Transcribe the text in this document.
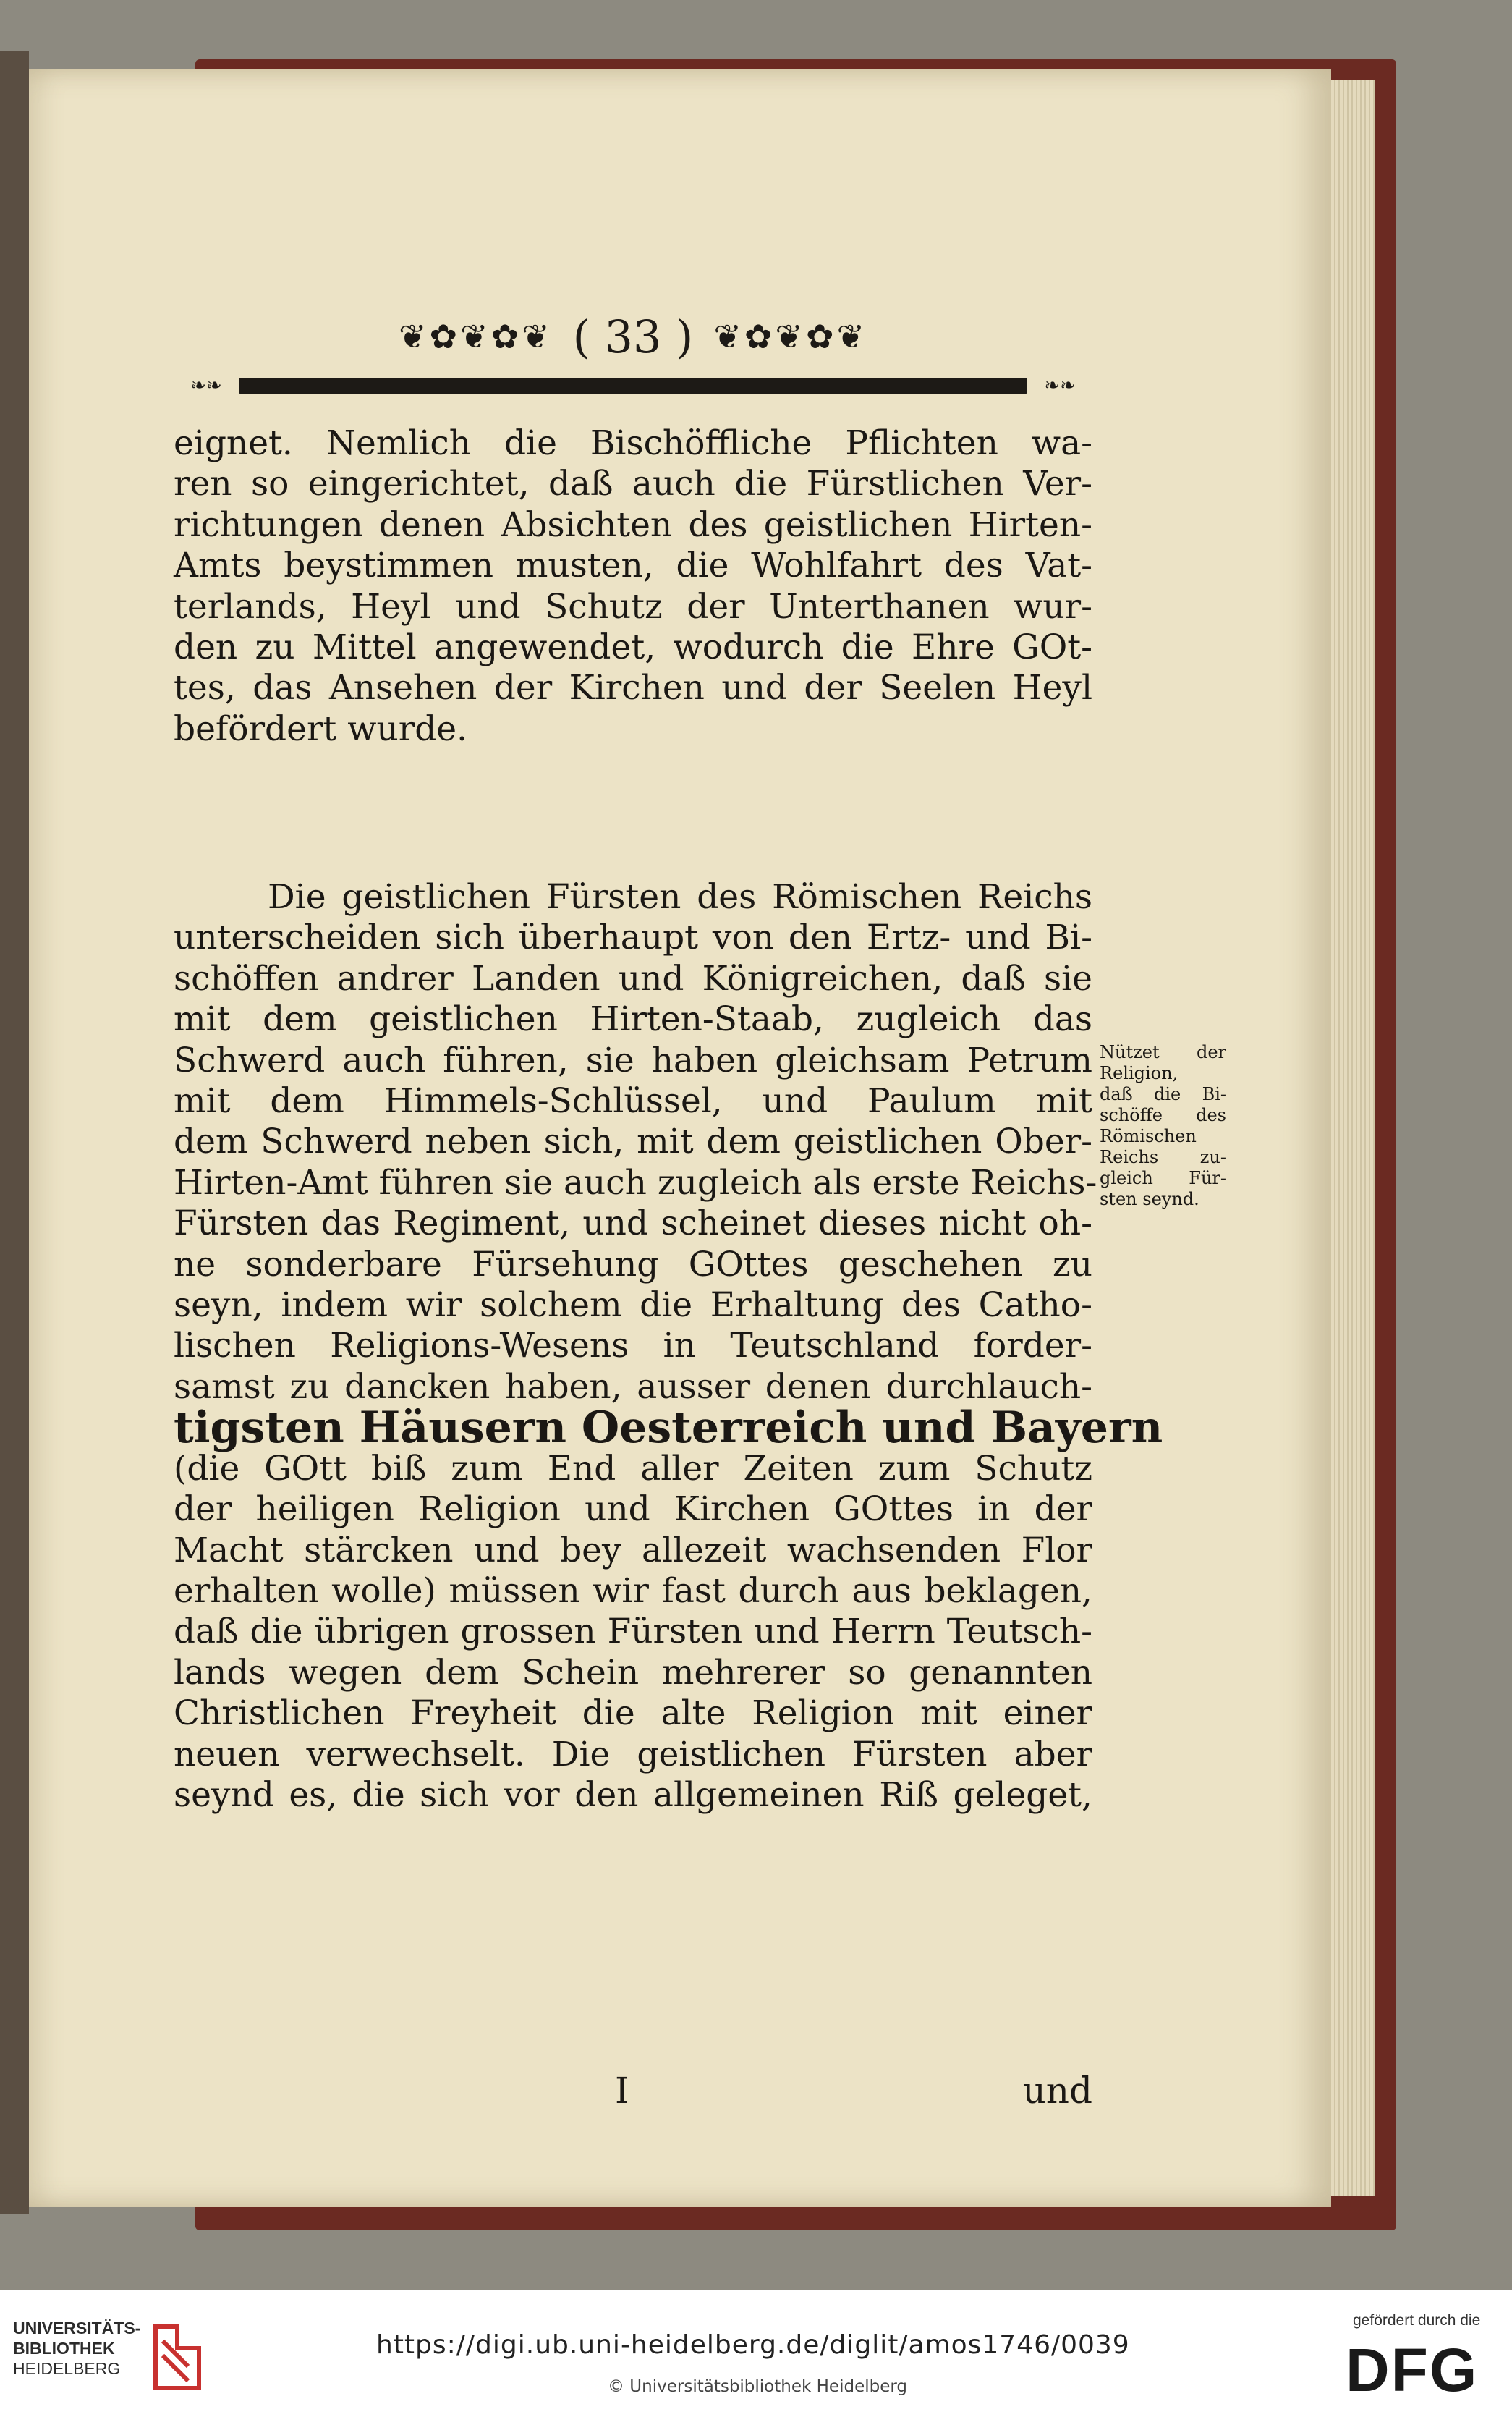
❦✿❦✿❦ ( 33 ) ❦✿❦✿❦
❧❧	❧❧
eignet. Nemlich die Bischöffliche Pflichten wa-
ren so eingerichtet, daß auch die Fürstlichen Ver-
richtungen denen Absichten des geistlichen Hirten-
Amts beystimmen musten, die Wohlfahrt des Vat-
terlands, Heyl und Schutz der Unterthanen wur-
den zu Mittel angewendet, wodurch die Ehre GOt-
tes, das Ansehen der Kirchen und der Seelen Heyl
befördert wurde.
Die geistlichen Fürsten des Römischen Reichs
unterscheiden sich überhaupt von den Ertz- und Bi-
schöffen andrer Landen und Königreichen, daß sie
mit dem geistlichen Hirten-Staab, zugleich das
Schwerd auch führen, sie haben gleichsam Petrum
mit dem Himmels-Schlüssel, und Paulum mit
dem Schwerd neben sich, mit dem geistlichen Ober-
Hirten-Amt führen sie auch zugleich als erste Reichs-
Fürsten das Regiment, und scheinet dieses nicht oh-
ne sonderbare Fürsehung GOttes geschehen zu
seyn, indem wir solchem die Erhaltung des Catho-
lischen Religions-Wesens in Teutschland forder-
samst zu dancken haben, ausser denen durchlauch-
tigsten Häusern Oesterreich und Bayern
(die GOtt biß zum End aller Zeiten zum Schutz
der heiligen Religion und Kirchen GOttes in der
Macht stärcken und bey allezeit wachsenden Flor
erhalten wolle) müssen wir fast durch aus beklagen,
daß die übrigen grossen Fürsten und Herrn Teutsch-
lands wegen dem Schein mehrerer so genannten
Christlichen Freyheit die alte Religion mit einer
neuen verwechselt. Die geistlichen Fürsten aber
seynd es, die sich vor den allgemeinen Riß geleget,
Nützet der
Religion,
daß die Bi-
schöffe des
Römischen
Reichs zu-
gleich Für-
sten seynd.
I	und
UNIVERSITÄTS-
BIBLIOTHEK
HEIDELBERG
https://digi.ub.uni-heidelberg.de/diglit/amos1746/0039
© Universitätsbibliothek Heidelberg
gefördert durch die
DFG
